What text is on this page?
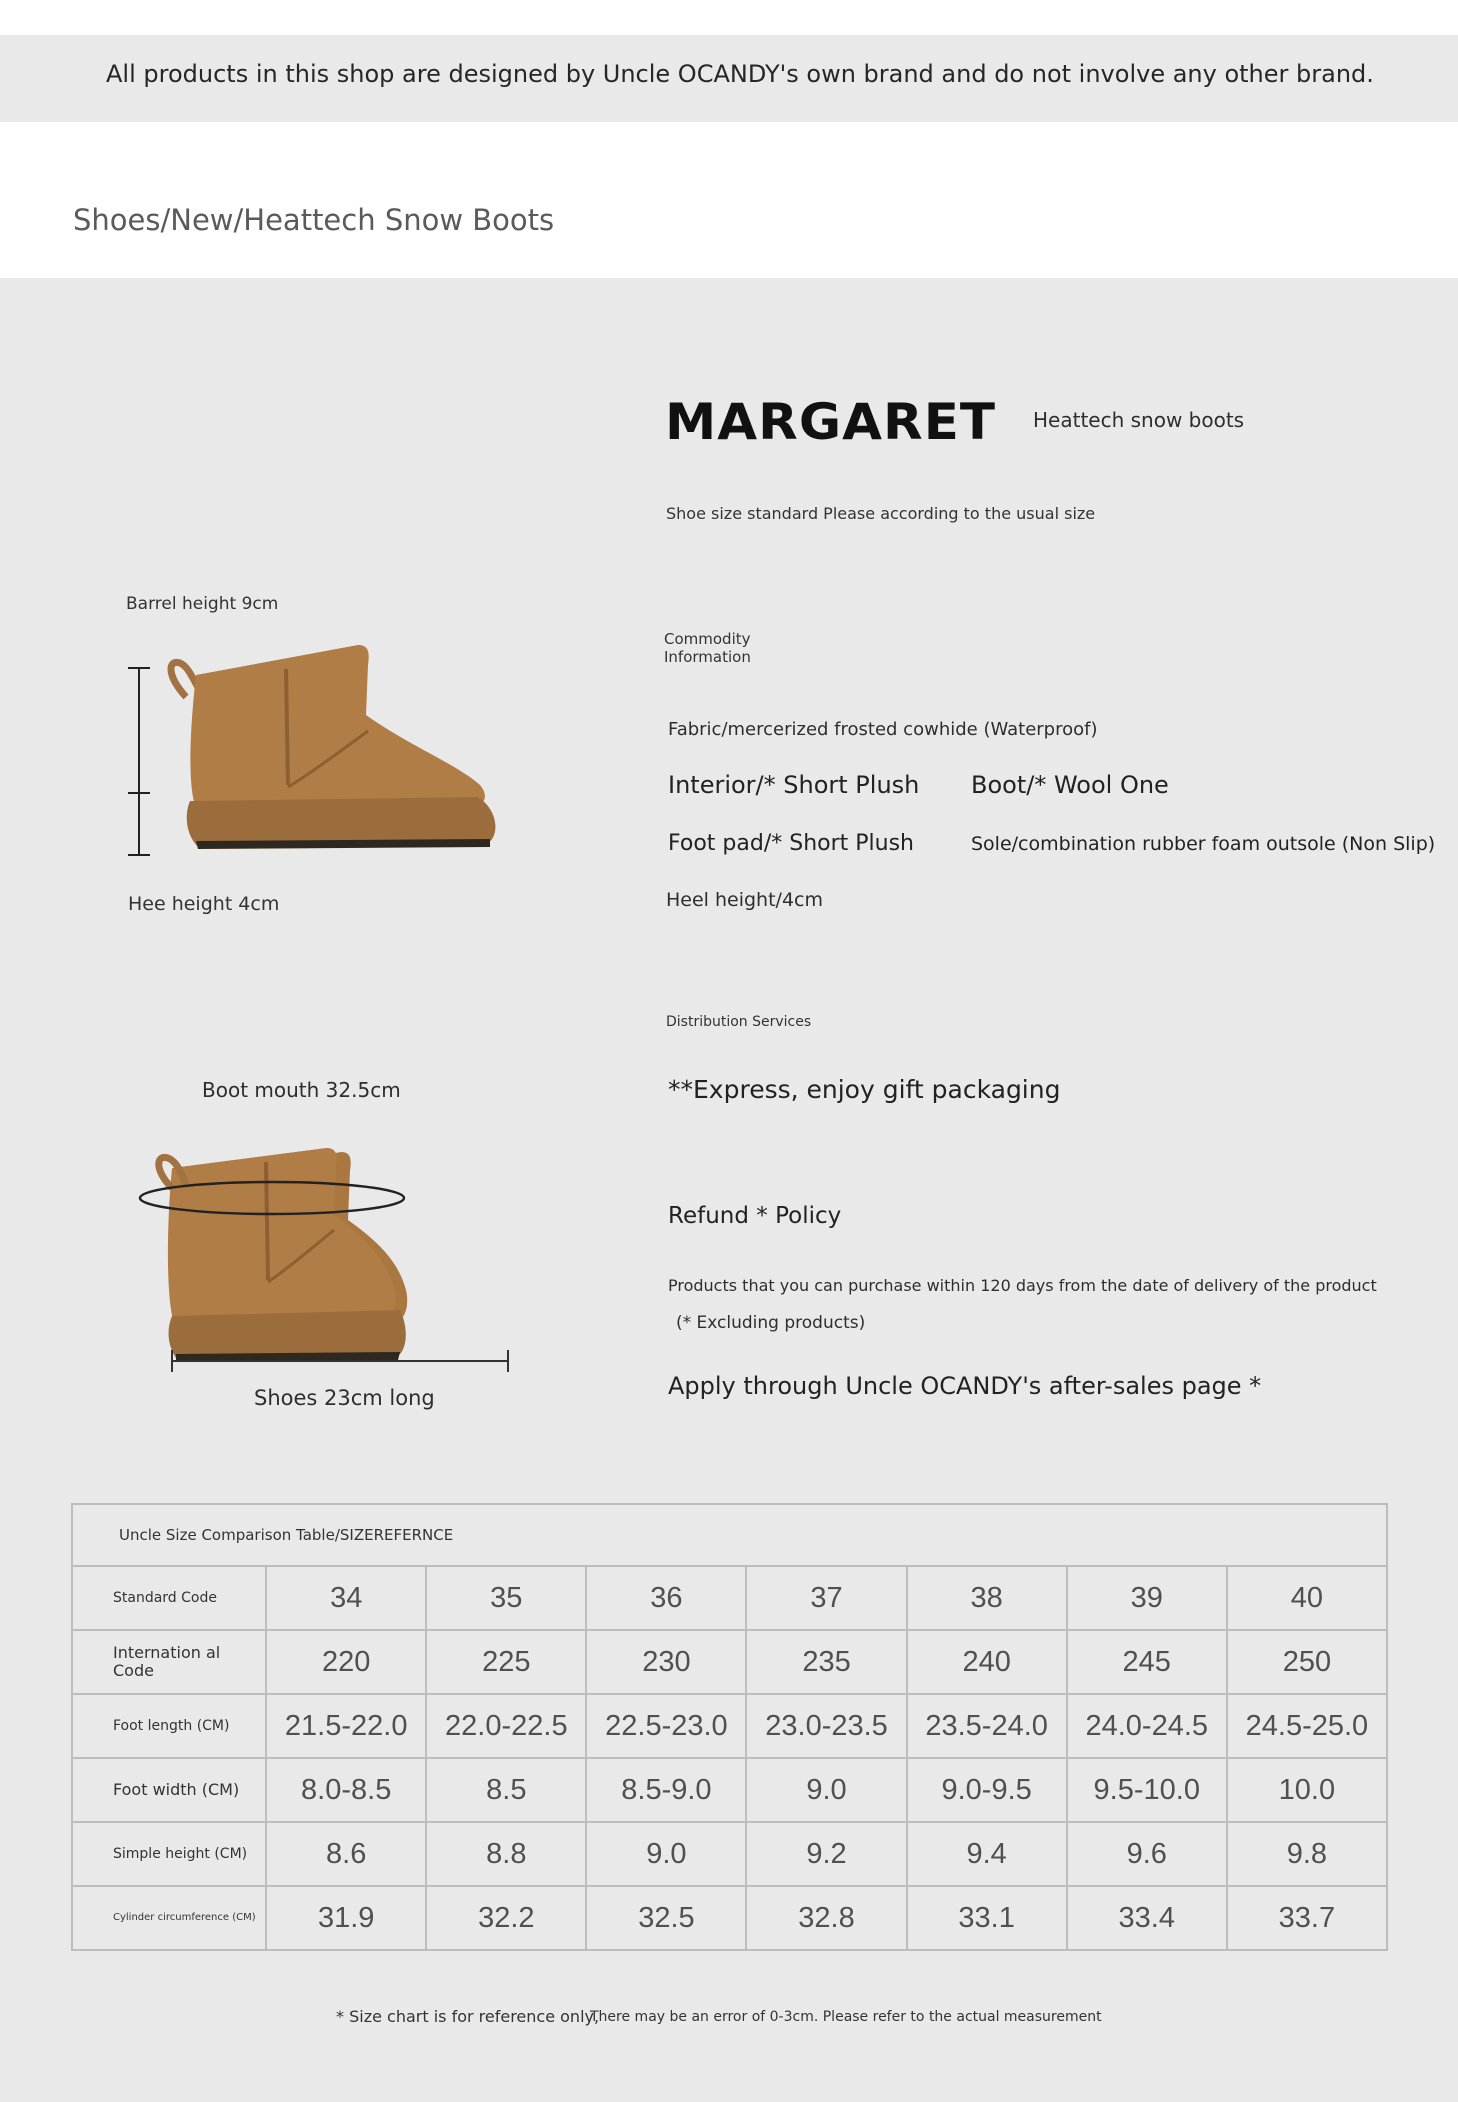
All products in this shop are designed by Uncle OCANDY's own brand and do not involve any other brand.
Shoes/New/Heattech Snow Boots
MARGARET Heattech snow boots
Shoe size standard Please according to the usual size
Commodity Information
Fabric/mercerized frosted cowhide (Waterproof)
Interior/* Short Plush Boot/* Wool One
Foot pad/* Short Plush	Sole/combination rubber foam outsole (Non Slip)
Heel height/4cm
Distribution Services
**Express, enjoy gift packaging
Refund * Policy
Products that you can purchase within 120 days from the date of delivery of the product
(* Excluding products)
Apply through Uncle OCANDY's after-sales page *
Barrel height 9cm
Hee height 4cm
Boot mouth 32.5cm
Shoes 23cm long
Uncle Size Comparison Table/SIZEREFERNCE							
Standard Code	34	35	36	37	38	39	40
Internation al Code	220	225	230	235	240	245	250
Foot length (CM)	21.5-22.0	22.0-22.5	22.5-23.0	23.0-23.5	23.5-24.0	24.0-24.5	24.5-25.0
Foot width (CM)	8.0-8.5	8.5	8.5-9.0	9.0	9.0-9.5	9.5-10.0	10.0
Simple height (CM)	8.6	8.8	9.0	9.2	9.4	9.6	9.8
Cylinder circumference (CM)	31.9	32.2	32.5	32.8	33.1	33.4	33.7
* Size chart is for reference only,
There may be an error of 0-3cm. Please refer to the actual measurement
